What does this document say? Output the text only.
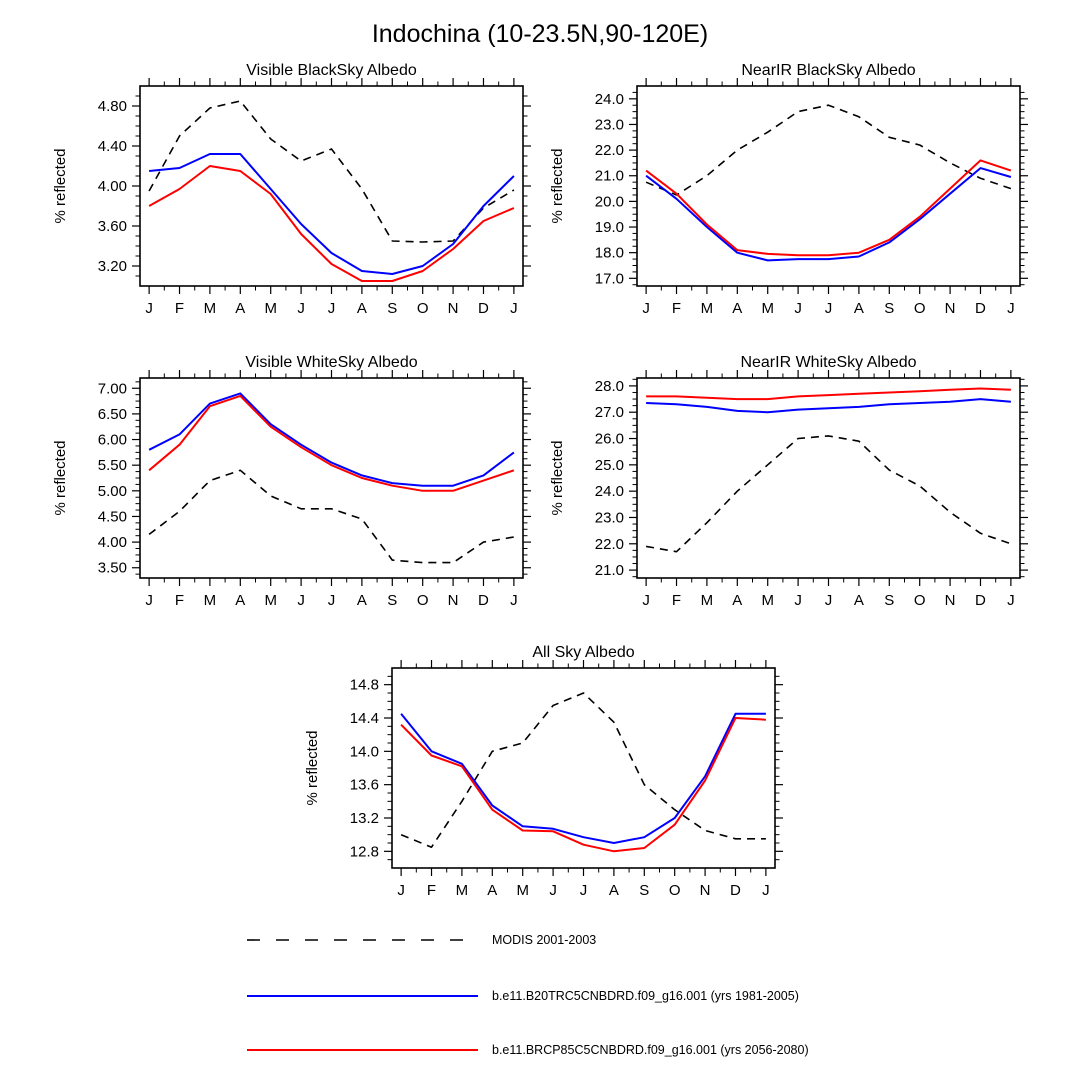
Indochina (10-23.5N,90-120E)
Visible BlackSky Albedo
% reflected
J F M A M J J A S O N D J
3.20
3.60
4.00
4.40
4.80
NearIR BlackSky Albedo
% reflected
J F M A M J J A S O N D J
17.0
18.0
19.0
20.0
21.0
22.0
23.0
24.0
Visible WhiteSky Albedo
% reflected
J F M A M J J A S O N D J
3.50
4.00
4.50
5.00
5.50
6.00
6.50
7.00
NearIR WhiteSky Albedo
% reflected
J F M A M J J A S O N D J
21.0
22.0
23.0
24.0
25.0
26.0
27.0
28.0
All Sky Albedo
% reflected
J F M A M J J A S O N D J
12.8
13.2
13.6
14.0
14.4
14.8
MODIS 2001-2003
b.e11.B20TRC5CNBDRD.f09_g16.001 (yrs 1981-2005)
b.e11.BRCP85C5CNBDRD.f09_g16.001 (yrs 2056-2080)
